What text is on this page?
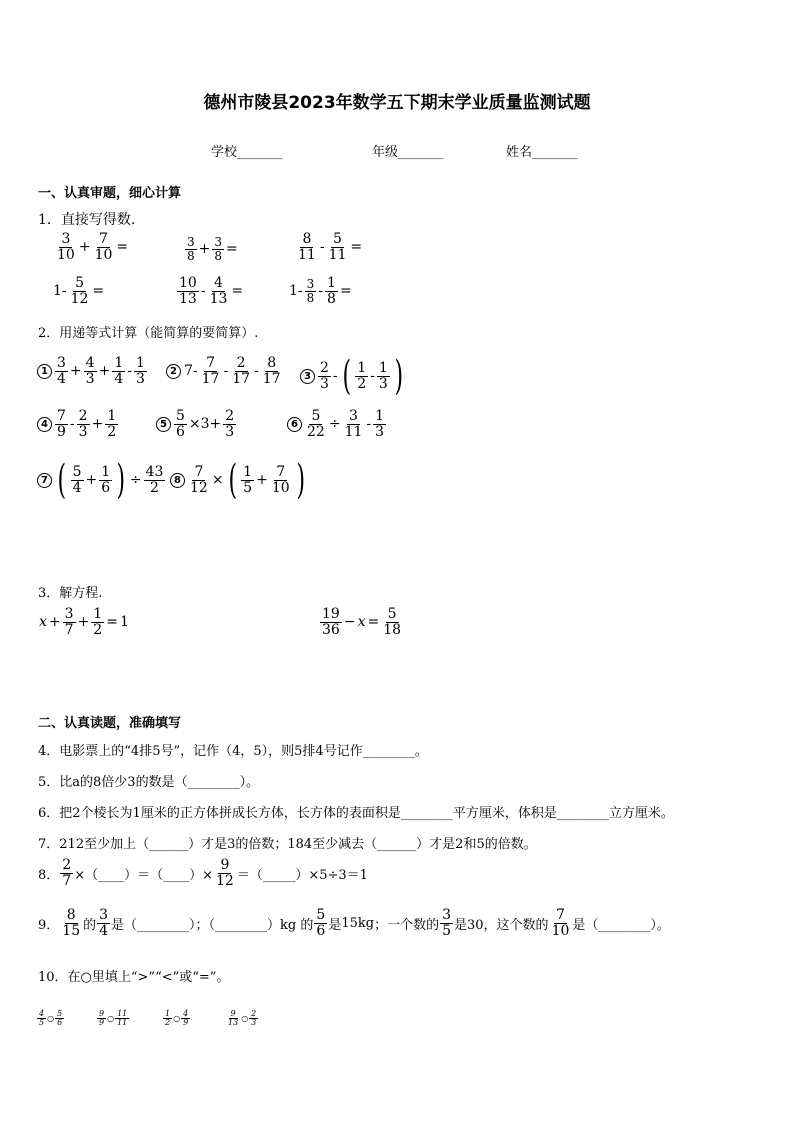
德州市陵县2023年数学五下期末学业质量监测试题
学校_______	年级_______	姓名_______
一、认真审题，细心计算
1．直接写得数.
$\frac{3}{10} + \frac{7}{10}$ =	$\frac{3}{8} + \frac{3}{8}$ =	$\frac{8}{11} - \frac{5}{11}$ =
$1- \frac{5}{12}$ =	$\frac{10}{13} - \frac{4}{13}$ =	$1- \frac{3}{8} - \frac{1}{8}$ =
2．用递等式计算（能简算的要简算）.
$1 \frac{3}{4} + \frac{4}{3} + \frac{1}{4} - \frac{1}{3}$	2 $7- \frac{7}{17} - \frac{2}{17} - \frac{8}{17}$	$3 \frac{2}{3}$ - ( $\frac{1}{2} - \frac{1}{3}$ )
$4 \frac{7}{9} - \frac{2}{3} + \frac{1}{2}$	$5 \frac{5}{6} \times 3+ \frac{2}{3}$	$6 \frac{5}{22} \div \frac{3}{11} - \frac{1}{3}$
7 ( $\frac{5}{4} + \frac{1}{6}$ ) ÷ $\frac{43}{2} 8 \frac{7}{12}$ × ( $\frac{1}{5} + \frac{7}{10}$ )
3．解方程.
$x + \frac{3}{7} + \frac{1}{2} = 1$	$\frac{19}{36} - x = \frac{5}{18}$
二、认真读题，准确填写
4．电影票上的“4排5号”，记作（4，5），则5排4号记作________。
5．比a的8倍少3的数是（________）。
6．把2个棱长为1厘米的正方体拼成长方体，长方体的表面积是________平方厘米，体积是________立方厘米。
7．212至少加上（______）才是3的倍数；184至少减去（______）才是2和5的倍数。
8． $\frac{2}{7}$ ×（____）＝（____）× $\frac{9}{12}$ ＝（_____）×5÷3＝1
9． $\frac{8}{15}$ 的 $\frac{3}{4}$ 是（________）；（________）kg 的 $\frac{5}{6}$ 是 15kg ；一个数的 $\frac{3}{5}$ 是30，这个数的 $\frac{7}{10}$ 是（________）。
10．在○里填上“>”“<”或“=”。
$\frac{4}{5}$ ○ $\frac{5}{6}$	$\frac{9}{9}$ ○ $\frac{11}{11}$	$\frac{1}{2}$ ○ $\frac{4}{9}$	$\frac{9}{13}$ ○ $\frac{2}{3}$
